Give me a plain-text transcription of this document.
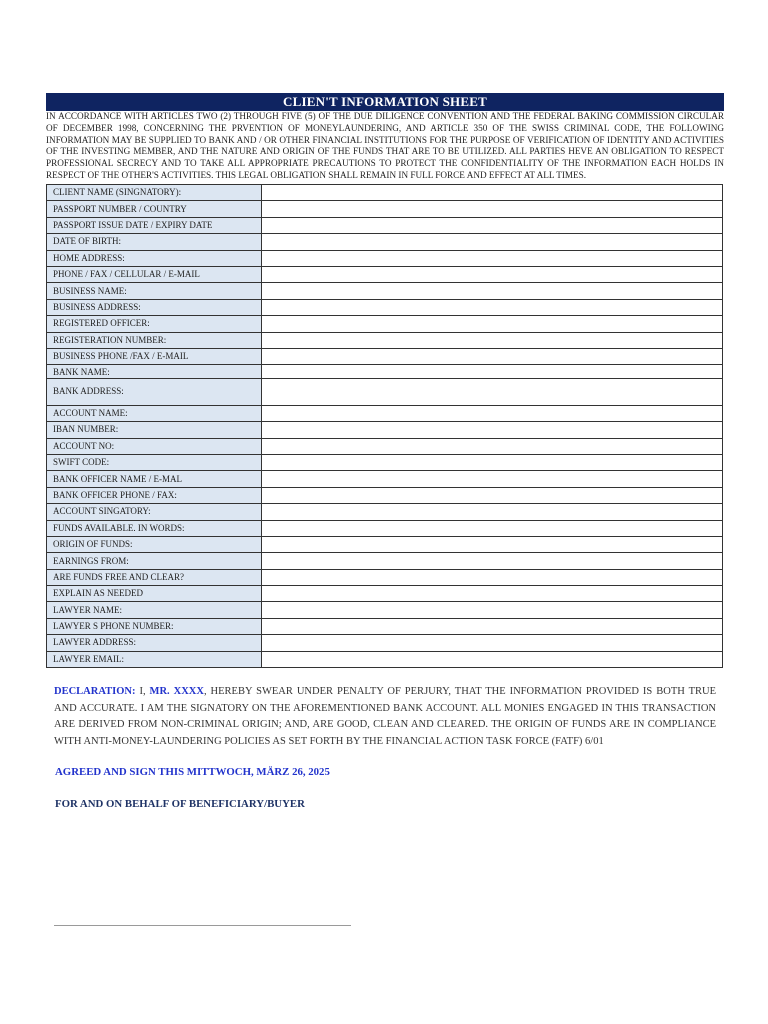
CLIEN'T INFORMATION SHEET

IN ACCORDANCE WITH ARTICLES TWO (2) THROUGH FIVE (5) OF THE DUE DILIGENCE CONVENTION AND THE FEDERAL BAKING COMMISSION CIRCULAR OF DECEMBER 1998, CONCERNING THE PRVENTION OF MONEYLAUNDERING, AND ARTICLE 350 OF THE SWISS CRIMINAL CODE, THE FOLLOWING INFORMATION MAY BE SUPPLIED TO BANK AND / OR OTHER FINANCIAL INSTITUTIONS FOR THE PURPOSE OF VERIFICATION OF IDENTITY AND ACTIVITIES OF THE INVESTING MEMBER, AND THE NATURE AND ORIGIN OF THE FUNDS THAT ARE TO BE UTILIZED. ALL PARTIES HEVE AN OBLIGATION TO RESPECT PROFESSIONAL SECRECY AND TO TAKE ALL APPROPRIATE PRECAUTIONS TO PROTECT THE CONFIDENTIALITY OF THE INFORMATION EACH HOLDS IN RESPECT OF THE OTHER'S ACTIVITIES. THIS LEGAL OBLIGATION SHALL REMAIN IN FULL FORCE AND EFFECT AT ALL TIMES.

CLIENT NAME (SINGNATORY):	
PASSPORT NUMBER / COUNTRY	
PASSPORT ISSUE DATE / EXPIRY DATE	
DATE OF BIRTH:	
HOME ADDRESS:	
PHONE / FAX / CELLULAR / E-MAIL	
BUSINESS NAME:	
BUSINESS ADDRESS:	
REGISTERED OFFICER:	
REGISTERATION NUMBER:	
BUSINESS PHONE /FAX / E-MAIL	
BANK NAME:	
BANK ADDRESS:	
ACCOUNT NAME:	
IBAN NUMBER:	
ACCOUNT NO:	
SWIFT CODE:	
BANK OFFICER NAME / E-MAL	
BANK OFFICER PHONE / FAX:	
ACCOUNT SINGATORY:	
FUNDS AVAILABLE. IN WORDS:	
ORIGIN OF FUNDS:	
EARNINGS FROM:	
ARE FUNDS FREE AND CLEAR?	
EXPLAIN AS NEEDED	
LAWYER NAME:	
LAWYER S PHONE NUMBER:	
LAWYER ADDRESS:	
LAWYER EMAIL:	

DECLARATION: I, MR. XXXX, HEREBY SWEAR UNDER PENALTY OF PERJURY, THAT THE INFORMATION PROVIDED IS BOTH TRUE AND ACCURATE. I AM THE SIGNATORY ON THE AFOREMENTIONED BANK ACCOUNT. ALL MONIES ENGAGED IN THIS TRANSACTION ARE DERIVED FROM NON-CRIMINAL ORIGIN; AND, ARE GOOD, CLEAN AND CLEARED. THE ORIGIN OF FUNDS ARE IN COMPLIANCE WITH ANTI-MONEY-LAUNDERING POLICIES AS SET FORTH BY THE FINANCIAL ACTION TASK FORCE (FATF) 6/01

AGREED AND SIGN THIS MITTWOCH, MÄRZ 26, 2025

FOR AND ON BEHALF OF BENEFICIARY/BUYER
